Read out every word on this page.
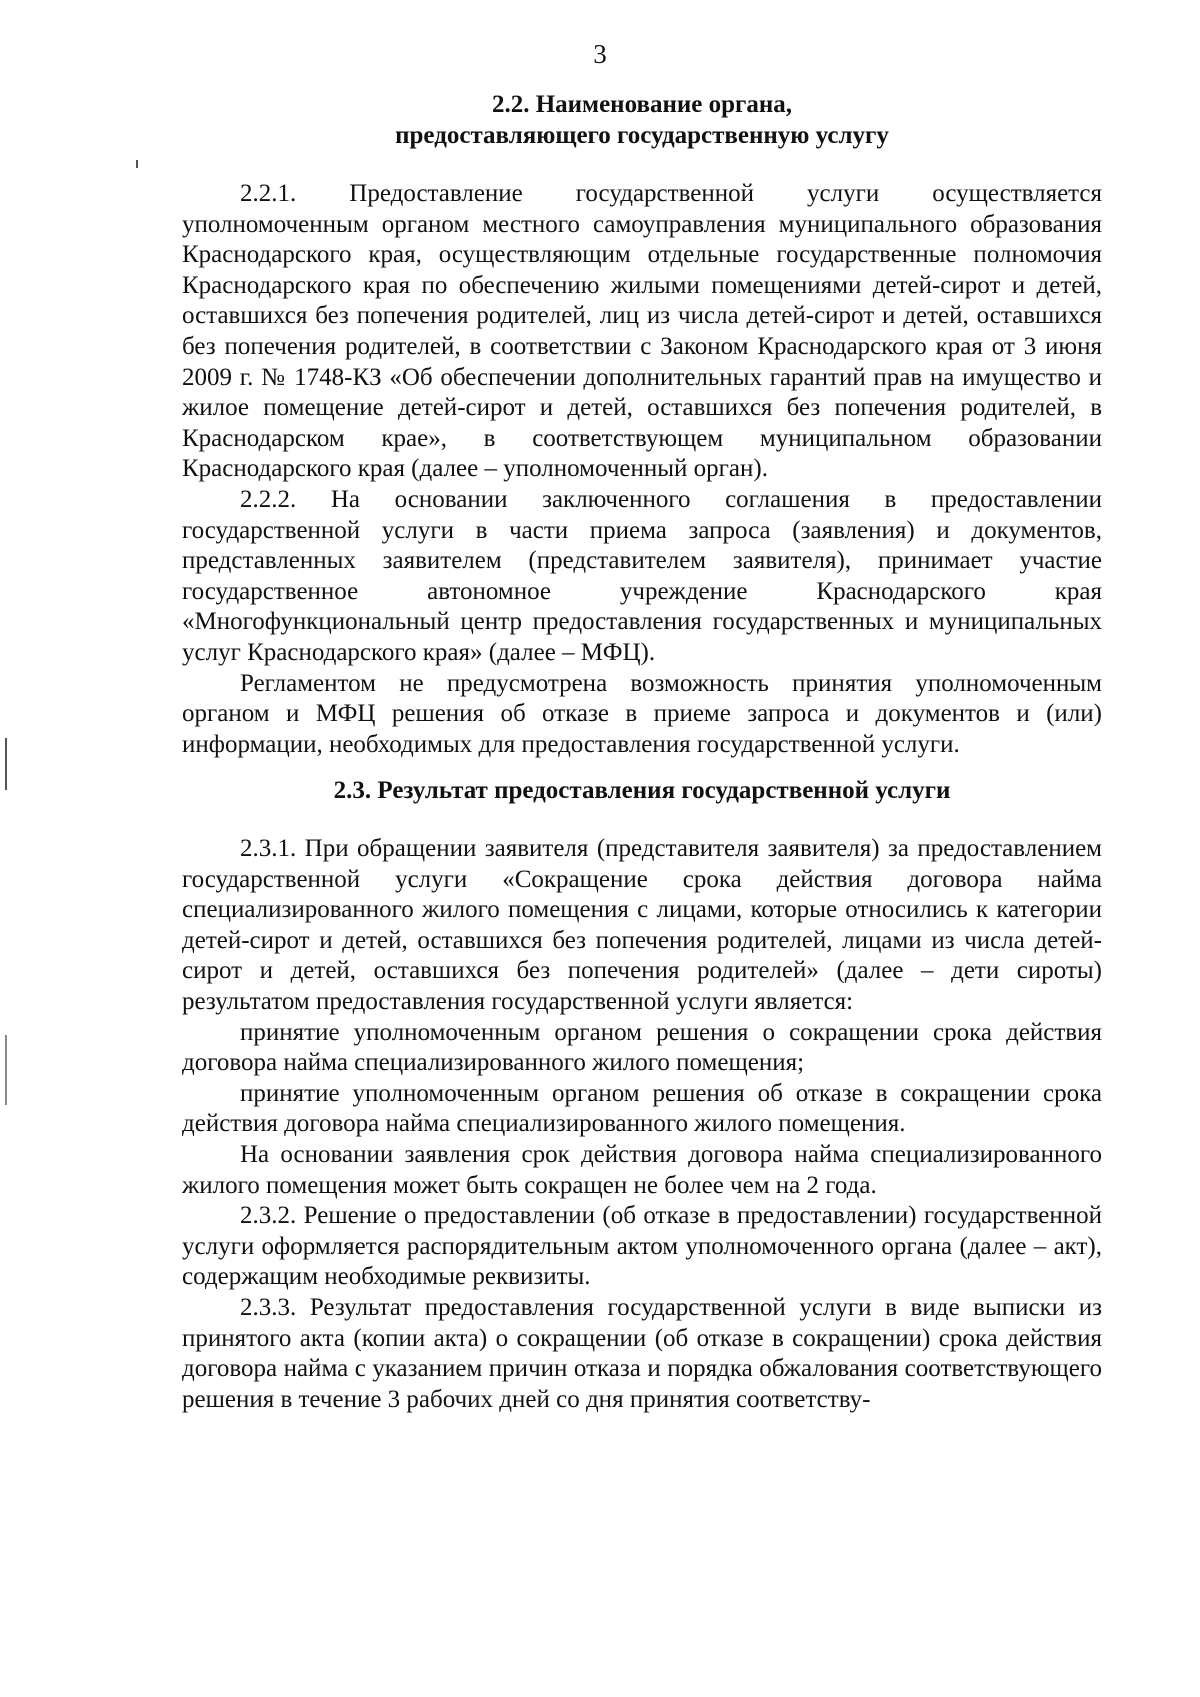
3

2.2. Наименование органа,

предоставляющего государственную услугу

2.2.1. Предоставление государственной услуги осуществляется уполномоченным органом местного самоуправления муниципального образования Краснодарского края, осуществляющим отдельные государственные полномочия Краснодарского края по обеспечению жилыми помещениями детей-сирот и детей, оставшихся без попечения родителей, лиц из числа детей-сирот и детей, оставшихся без попечения родителей, в соответствии с Законом Краснодарского края от 3 июня 2009 г. № 1748-КЗ «Об обеспечении дополнительных гарантий прав на имущество и жилое помещение детей-сирот и детей, оставшихся без попечения родителей, в Краснодарском крае», в соответствующем муниципальном образовании Краснодарского края (далее – уполномоченный орган).

2.2.2. На основании заключенного соглашения в предоставлении государственной услуги в части приема запроса (заявления) и документов, представленных заявителем (представителем заявителя), принимает участие государственное автономное учреждение Краснодарского края «Многофункциональный центр предоставления государственных и муниципальных услуг Краснодарского края» (далее – МФЦ).

Регламентом не предусмотрена возможность принятия уполномоченным органом и МФЦ решения об отказе в приеме запроса и документов и (или) информации, необходимых для предоставления государственной услуги.

2.3. Результат предоставления государственной услуги

2.3.1. При обращении заявителя (представителя заявителя) за предоставлением государственной услуги «Сокращение срока действия договора найма специализированного жилого помещения с лицами, которые относились к категории детей-сирот и детей, оставшихся без попечения родителей, лицами из числа детей-сирот и детей, оставшихся без попечения родителей» (далее – дети сироты) результатом предоставления государственной услуги является:

принятие уполномоченным органом решения о сокращении срока действия договора найма специализированного жилого помещения;

принятие уполномоченным органом решения об отказе в сокращении срока действия договора найма специализированного жилого помещения.

На основании заявления срок действия договора найма специализированного жилого помещения может быть сокращен не более чем на 2 года.

2.3.2. Решение о предоставлении (об отказе в предоставлении) государственной услуги оформляется распорядительным актом уполномоченного органа (далее – акт), содержащим необходимые реквизиты.

2.3.3. Результат предоставления государственной услуги в виде выписки из принятого акта (копии акта) о сокращении (об отказе в сокращении) срока действия договора найма с указанием причин отказа и порядка обжалования соответствующего решения в течение 3 рабочих дней со дня принятия соответству-
